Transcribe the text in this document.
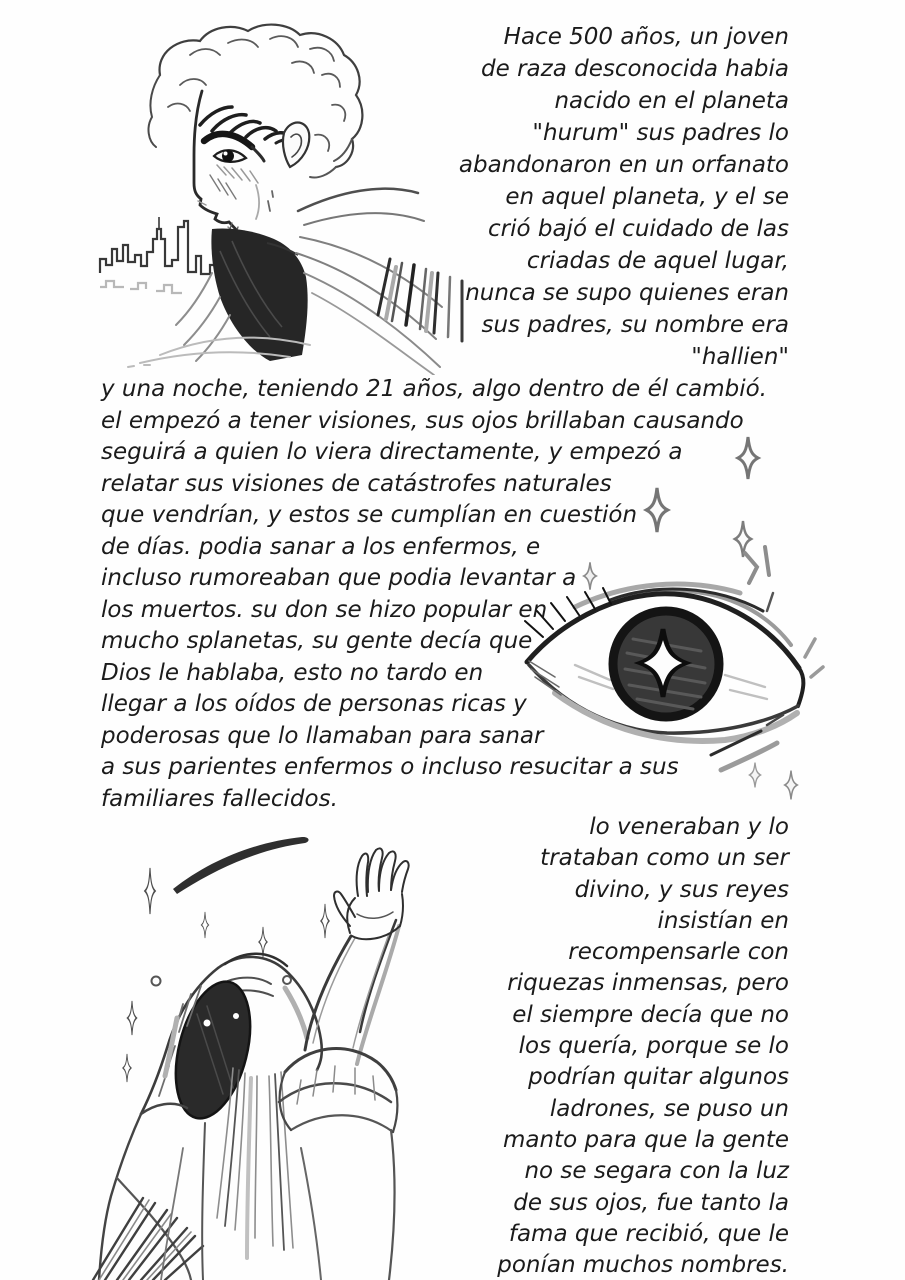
Hace 500 años, un joven
de raza desconocida habia
nacido en el planeta
"hurum" sus padres lo
abandonaron en un orfanato
en aquel planeta, y el se
crió bajó el cuidado de las
criadas de aquel lugar,
nunca se supo quienes eran
sus padres, su nombre era
"hallien"
y una noche, teniendo 21 años, algo dentro de él cambió.
el empezó a tener visiones, sus ojos brillaban causando
seguirá a quien lo viera directamente, y empezó a
relatar sus visiones de catástrofes naturales
que vendrían, y estos se cumplían en cuestión
de días. podia sanar a los enfermos, e
incluso rumoreaban que podia levantar a
los muertos. su don se hizo popular en
mucho splanetas, su gente decía que
Dios le hablaba, esto no tardo en
llegar a los oídos de personas ricas y
poderosas que lo llamaban para sanar
a sus parientes enfermos o incluso resucitar a sus
familiares fallecidos.
lo veneraban y lo
trataban como un ser
divino, y sus reyes
insistían en
recompensarle con
riquezas inmensas, pero
el siempre decía que no
los quería, porque se lo
podrían quitar algunos
ladrones, se puso un
manto para que la gente
no se segara con la luz
de sus ojos, fue tanto la
fama que recibió, que le
ponían muchos nombres.
